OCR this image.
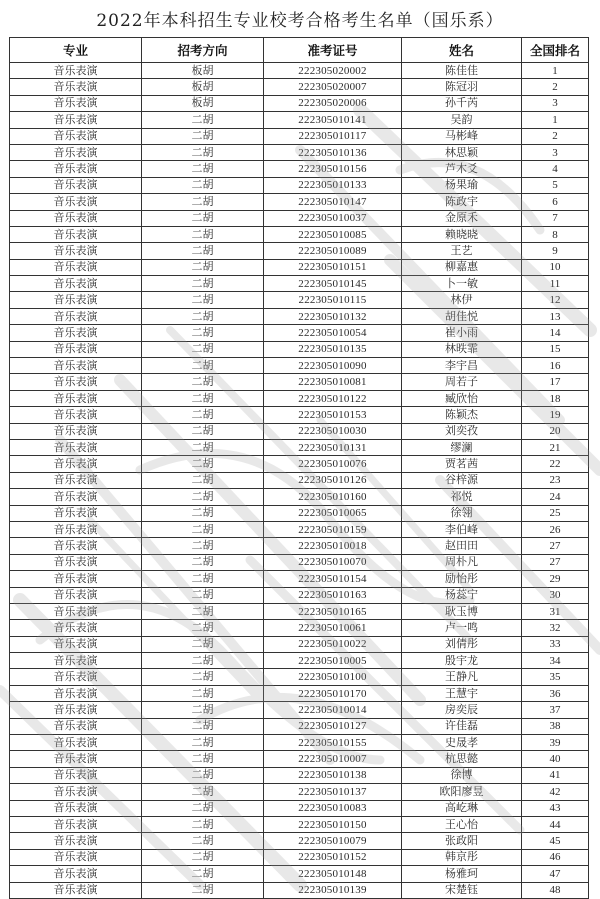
2022年本科招生专业校考合格考生名单（国乐系）
专业	招考方向	准考证号	姓名	全国排名
音乐表演	板胡	222305020002	陈佳佳	1
音乐表演	板胡	222305020007	陈冠羽	2
音乐表演	板胡	222305020006	孙千芮	3
音乐表演	二胡	222305010141	吴韵	1
音乐表演	二胡	222305010117	马彬峰	2
音乐表演	二胡	222305010136	林思颖	3
音乐表演	二胡	222305010156	芦木爻	4
音乐表演	二胡	222305010133	杨果瑜	5
音乐表演	二胡	222305010147	陈政宇	6
音乐表演	二胡	222305010037	金原禾	7
音乐表演	二胡	222305010085	赖晓晓	8
音乐表演	二胡	222305010089	王艺	9
音乐表演	二胡	222305010151	柳嘉惠	10
音乐表演	二胡	222305010145	卜一敏	11
音乐表演	二胡	222305010115	林伊	12
音乐表演	二胡	222305010132	胡佳悦	13
音乐表演	二胡	222305010054	崔小雨	14
音乐表演	二胡	222305010135	林昳霏	15
音乐表演	二胡	222305010090	李宇昌	16
音乐表演	二胡	222305010081	周若子	17
音乐表演	二胡	222305010122	臧欣怡	18
音乐表演	二胡	222305010153	陈颖杰	19
音乐表演	二胡	222305010030	刘奕孜	20
音乐表演	二胡	222305010131	缪澜	21
音乐表演	二胡	222305010076	贾茗茜	22
音乐表演	二胡	222305010126	谷梓源	23
音乐表演	二胡	222305010160	祁悦	24
音乐表演	二胡	222305010065	徐翎	25
音乐表演	二胡	222305010159	李伯峰	26
音乐表演	二胡	222305010018	赵田田	27
音乐表演	二胡	222305010070	周朴凡	27
音乐表演	二胡	222305010154	励怡彤	29
音乐表演	二胡	222305010163	杨蕊宁	30
音乐表演	二胡	222305010165	耿玉博	31
音乐表演	二胡	222305010061	卢一鸣	32
音乐表演	二胡	222305010022	刘倩彤	33
音乐表演	二胡	222305010005	殷宇龙	34
音乐表演	二胡	222305010100	王静凡	35
音乐表演	二胡	222305010170	王慧宇	36
音乐表演	二胡	222305010014	房奕辰	37
音乐表演	二胡	222305010127	许佳磊	38
音乐表演	二胡	222305010155	史晟孝	39
音乐表演	二胡	222305010007	杭思懿	40
音乐表演	二胡	222305010138	徐博	41
音乐表演	二胡	222305010137	欧阳廖昱	42
音乐表演	二胡	222305010083	高屹琳	43
音乐表演	二胡	222305010150	王心怡	44
音乐表演	二胡	222305010079	张政阳	45
音乐表演	二胡	222305010152	韩京彤	46
音乐表演	二胡	222305010148	杨雅珂	47
音乐表演	二胡	222305010139	宋楚钰	48
